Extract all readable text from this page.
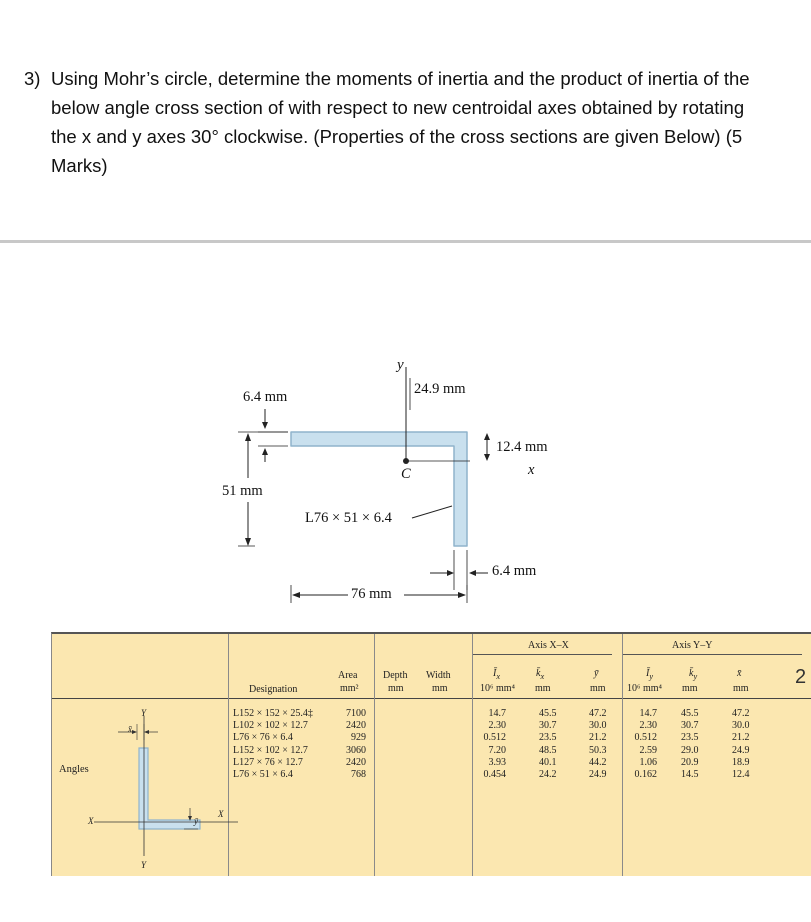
3) Using Mohr’s circle, determine the moments of inertia and the product of inertia of the
below angle cross section of with respect to new centroidal axes obtained by rotating
the x and y axes 30° clockwise. (Properties of the cross sections are given Below) (5
Marks)
y
24.9 mm
6.4 mm
12.4 mm
C	x
51 mm
L76 × 51 × 6.4
6.4 mm
76 mm
Axis X–X	Axis Y–Y
Designation
Area
mm²
Depth
mm
Width
mm
$Ī_x$
10⁶ mm⁴
$k̄_x$
mm
ȳ
mm
$Ī_y$
10⁶ mm⁴
$k̄_y$
mm
x̄
mm
Angles
Y
Y
X
X
x̄
ȳ
L152 × 152 × 25.4‡
L102 × 102 × 12.7
L76 × 76 × 6.4
L152 × 102 × 12.7
L127 × 76 × 12.7
L76 × 51 × 6.4
7100
2420
929
3060
2420
768
14.7
2.30
0.512
7.20
3.93
0.454
45.5
30.7
23.5
48.5
40.1
24.2
47.2
30.0
21.2
50.3
44.2
24.9
14.7
2.30
0.512
2.59
1.06
0.162
45.5
30.7
23.5
29.0
20.9
14.5
47.2
30.0
21.2
24.9
18.9
12.4
2
